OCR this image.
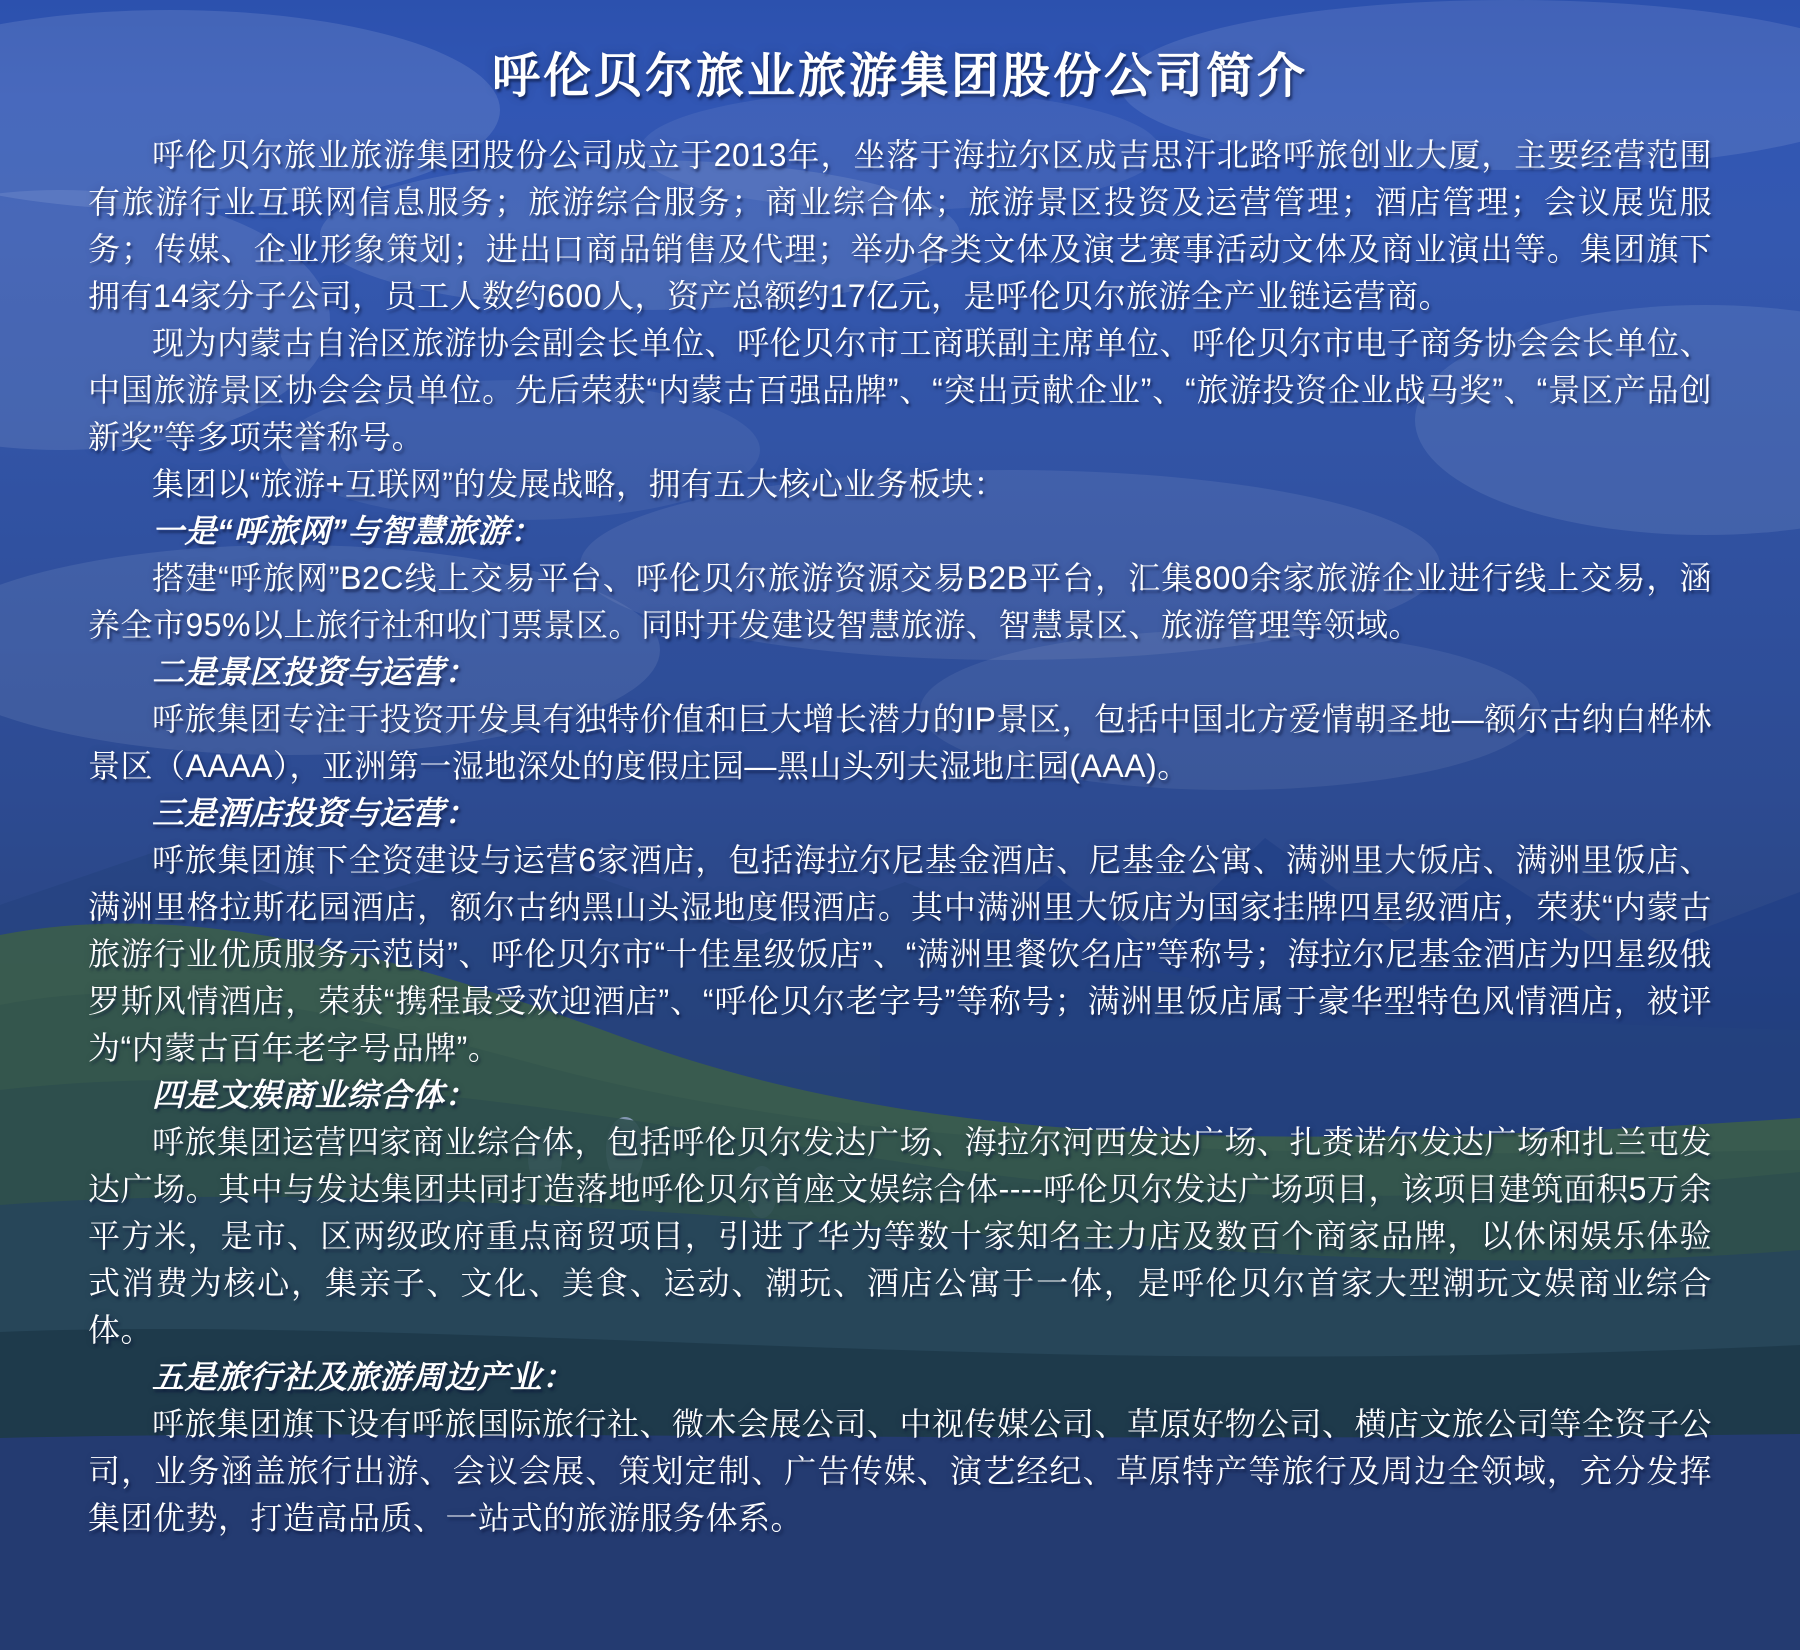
呼伦贝尔旅业旅游集团股份公司简介

呼伦贝尔旅业旅游集团股份公司成立于2013年，坐落于海拉尔区成吉思汗北路呼旅创业大厦，主要经营范围有旅游行业互联网信息服务；旅游综合服务；商业综合体；旅游景区投资及运营管理；酒店管理；会议展览服务；传媒、企业形象策划；进出口商品销售及代理；举办各类文体及演艺赛事活动文体及商业演出等。集团旗下拥有14家分子公司，员工人数约600人，资产总额约17亿元，是呼伦贝尔旅游全产业链运营商。

现为内蒙古自治区旅游协会副会长单位、呼伦贝尔市工商联副主席单位、呼伦贝尔市电子商务协会会长单位、中国旅游景区协会会员单位。先后荣获“内蒙古百强品牌”、“突出贡献企业”、“旅游投资企业战马奖”、“景区产品创新奖”等多项荣誉称号。

集团以“旅游+互联网”的发展战略，拥有五大核心业务板块：

一是“呼旅网”与智慧旅游：

搭建“呼旅网”B2C线上交易平台、呼伦贝尔旅游资源交易B2B平台，汇集800余家旅游企业进行线上交易，涵养全市95%以上旅行社和收门票景区。同时开发建设智慧旅游、智慧景区、旅游管理等领域。

二是景区投资与运营：

呼旅集团专注于投资开发具有独特价值和巨大增长潜力的IP景区，包括中国北方爱情朝圣地—额尔古纳白桦林景区（AAAA），亚洲第一湿地深处的度假庄园—黑山头列夫湿地庄园(AAA)。

三是酒店投资与运营：

呼旅集团旗下全资建设与运营6家酒店，包括海拉尔尼基金酒店、尼基金公寓、满洲里大饭店、满洲里饭店、满洲里格拉斯花园酒店，额尔古纳黑山头湿地度假酒店。其中满洲里大饭店为国家挂牌四星级酒店，荣获“内蒙古旅游行业优质服务示范岗”、呼伦贝尔市“十佳星级饭店”、“满洲里餐饮名店”等称号；海拉尔尼基金酒店为四星级俄罗斯风情酒店，荣获“携程最受欢迎酒店”、“呼伦贝尔老字号”等称号；满洲里饭店属于豪华型特色风情酒店，被评为“内蒙古百年老字号品牌”。

四是文娱商业综合体：

呼旅集团运营四家商业综合体，包括呼伦贝尔发达广场、海拉尔河西发达广场、扎赉诺尔发达广场和扎兰屯发达广场。其中与发达集团共同打造落地呼伦贝尔首座文娱综合体----呼伦贝尔发达广场项目，该项目建筑面积5万余平方米，是市、区两级政府重点商贸项目，引进了华为等数十家知名主力店及数百个商家品牌，以休闲娱乐体验式消费为核心，集亲子、文化、美食、运动、潮玩、酒店公寓于一体，是呼伦贝尔首家大型潮玩文娱商业综合体。

五是旅行社及旅游周边产业：

呼旅集团旗下设有呼旅国际旅行社、微木会展公司、中视传媒公司、草原好物公司、横店文旅公司等全资子公司，业务涵盖旅行出游、会议会展、策划定制、广告传媒、演艺经纪、草原特产等旅行及周边全领域，充分发挥集团优势，打造高品质、一站式的旅游服务体系。
